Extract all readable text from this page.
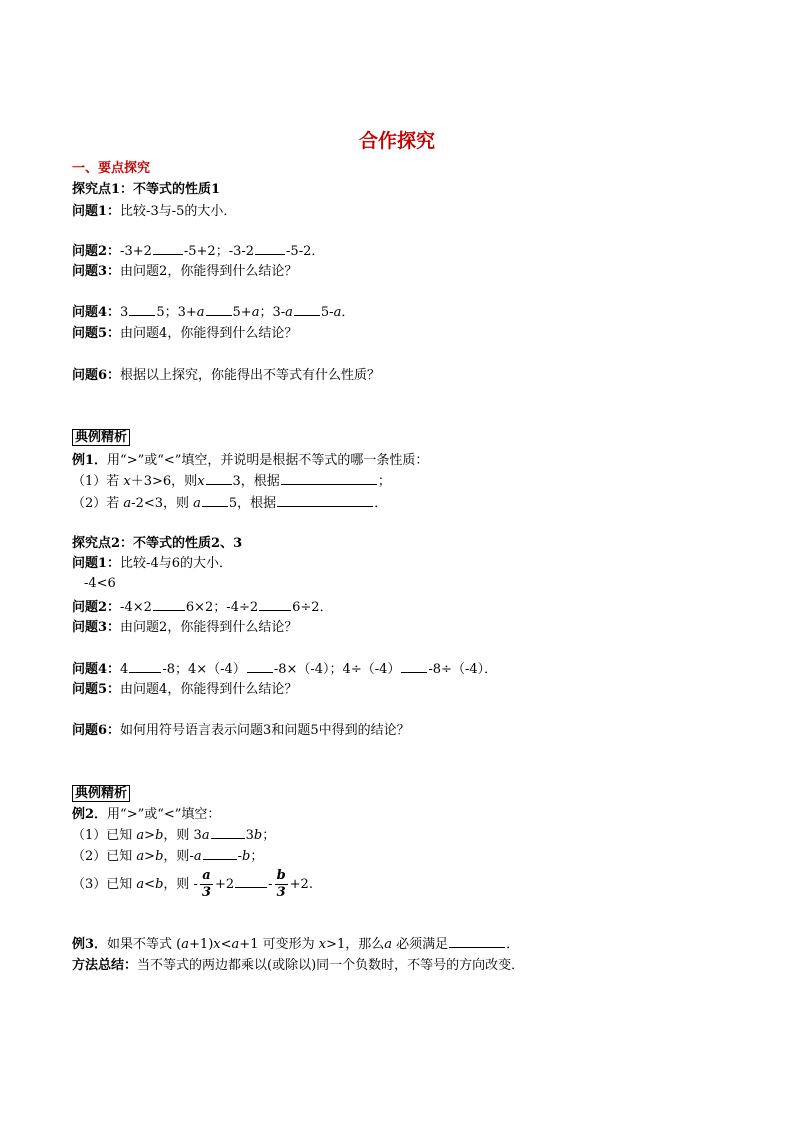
合作探究
一、要点探究
探究点1：不等式的性质1
问题1：比较-3与-5的大小．
问题2：-3+2 -5+2；-3-2 -5-2．
问题3：由问题2，你能得到什么结论？
问题4：3 5；3+a 5+a；3-a 5-a．
问题5：由问题4，你能得到什么结论？
问题6：根据以上探究，你能得出不等式有什么性质？
典例精析
例1．用“>”或“<”填空，并说明是根据不等式的哪一条性质：
（1）若 x＋3>6，则x 3，根据	；
（2）若 a-2<3，则 a 5，根据	．
探究点2：不等式的性质2、3
问题1：比较-4与6的大小．
-4<6
问题2：-4×2	6×2；-4÷2	6÷2．
问题3：由问题2，你能得到什么结论？
问题4：4	-8；4×（-4） -8×（-4）；4÷（-4） -8÷（-4）．
问题5：由问题4，你能得到什么结论？
问题6：如何用符号语言表示问题3和问题5中得到的结论？
典例精析
例2．用“>”或“<”填空：
（1）已知 a>b，则 3a	3b；
（2）已知 a>b，则-a	-b；
（3）已知 a<b，则 - $\frac{a}{3} +2$	- $\frac{b}{3} +2$.
例3．如果不等式 (a+1)x<a+1 可变形为 x>1，那么a 必须满足	．
方法总结：当不等式的两边都乘以(或除以)同一个负数时，不等号的方向改变．
